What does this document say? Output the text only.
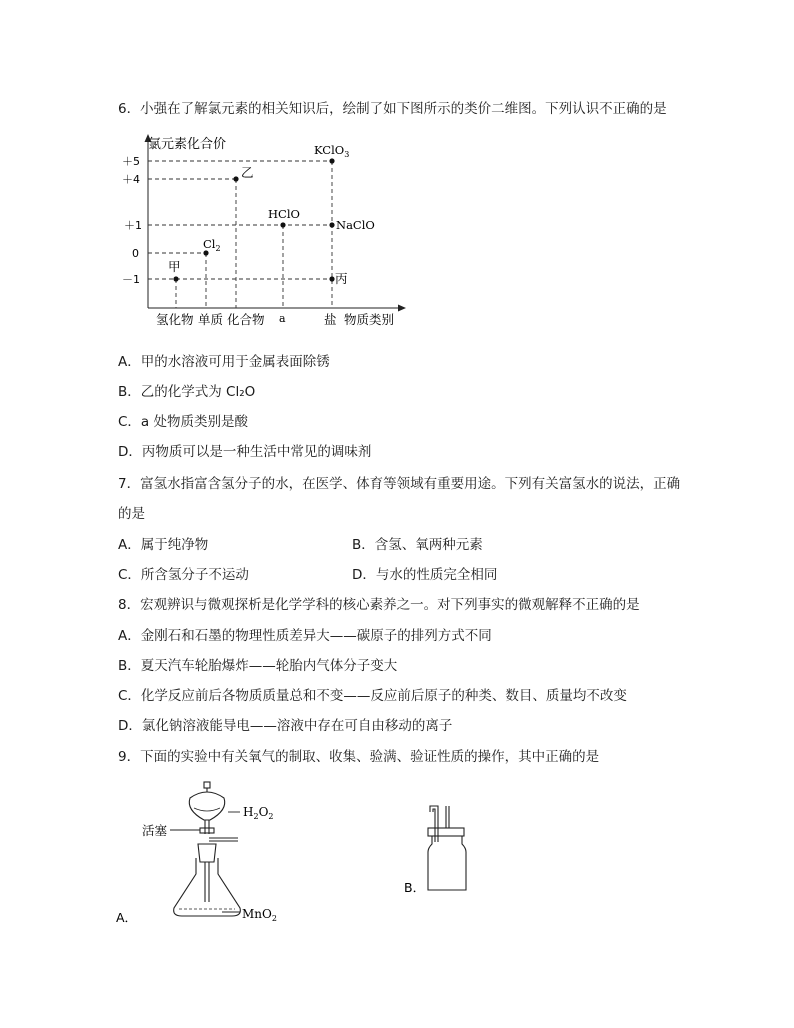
6．小强在了解氯元素的相关知识后，绘制了如下图所示的类价二维图。下列认识不正确的是
氯元素化合价
＋5
＋4
＋1
0
－1
KClO$_3$
乙
HClO
NaClO
$Cl_2$
甲
丙
氢化物 单质 化合物 a	盐 物质类别
A．甲的水溶液可用于金属表面除锈
B．乙的化学式为 Cl₂O
C．a 处物质类别是酸
D．丙物质可以是一种生活中常见的调味剂
7．富氢水指富含氢分子的水，在医学、体育等领域有重要用途。下列有关富氢水的说法，正确
的是
A．属于纯净物	B．含氢、氧两种元素
C．所含氢分子不运动	D．与水的性质完全相同
8．宏观辨识与微观探析是化学学科的核心素养之一。对下列事实的微观解释不正确的是
A．金刚石和石墨的物理性质差异大——碳原子的排列方式不同
B．夏天汽车轮胎爆炸——轮胎内气体分子变大
C．化学反应前后各物质质量总和不变——反应前后原子的种类、数目、质量均不改变
D．氯化钠溶液能导电——溶液中存在可自由移动的离子
9．下面的实验中有关氧气的制取、收集、验满、验证性质的操作，其中正确的是
$H_2O_2$
活塞
MnO$_2$
A．
B．
